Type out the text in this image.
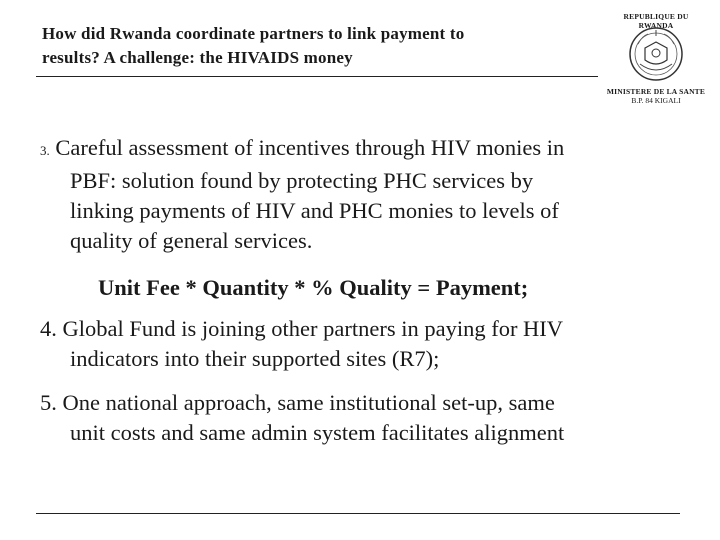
How did Rwanda coordinate partners to link payment to
results? A challenge: the HIVAIDS money
REPUBLIQUE DU RWANDA
MINISTERE DE LA SANTE
B.P. 84 KIGALI
3. Careful assessment of incentives through HIV monies in
PBF: solution found by protecting PHC services by
linking payments of HIV and PHC monies to levels of
quality of general services.
Unit Fee * Quantity * % Quality = Payment;
4. Global Fund is joining other partners in paying for HIV
indicators into their supported sites (R7);
5. One national approach, same institutional set-up, same
unit costs and same admin system facilitates alignment
